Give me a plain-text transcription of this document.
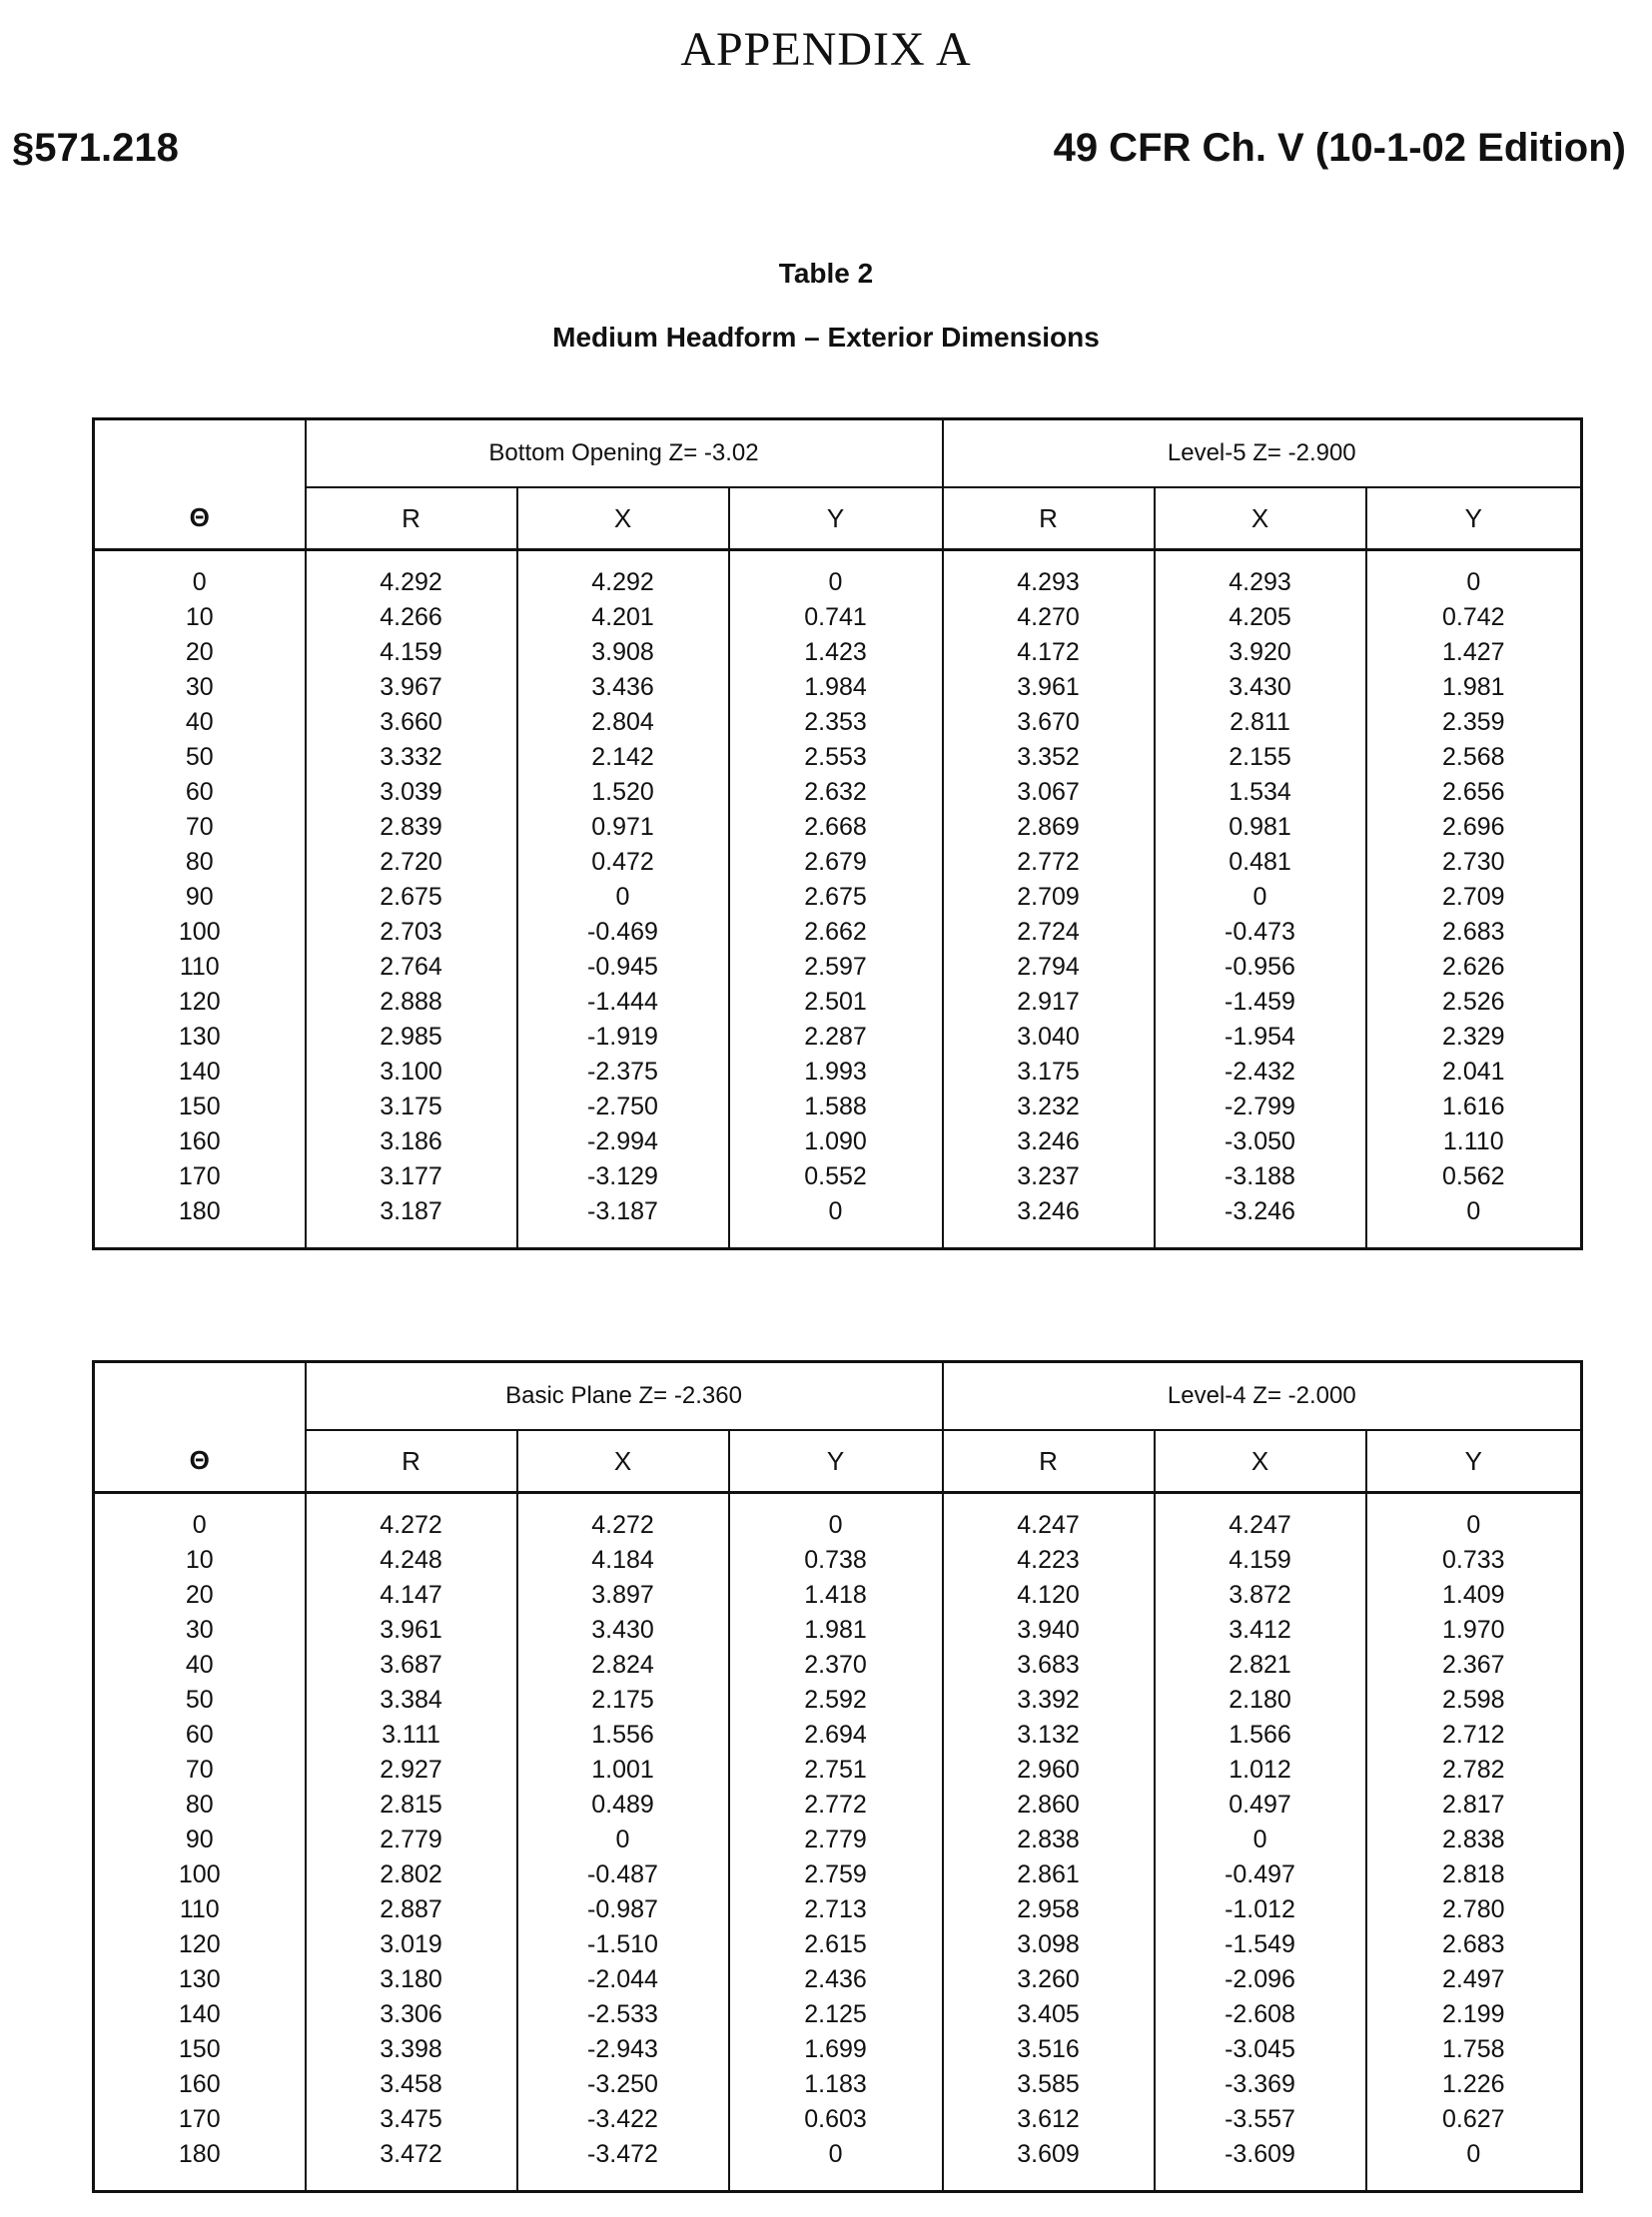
APPENDIX A
§571.218	49 CFR Ch. V (10-1-02 Edition)
Table 2
Medium Headform – Exterior Dimensions
	Bottom Opening Z= -3.02	Level-5 Z= -2.900
Θ	R	X	Y	R	X	Y
0	4.292	4.292	0	4.293	4.293	0
10	4.266	4.201	0.741	4.270	4.205	0.742
20	4.159	3.908	1.423	4.172	3.920	1.427
30	3.967	3.436	1.984	3.961	3.430	1.981
40	3.660	2.804	2.353	3.670	2.811	2.359
50	3.332	2.142	2.553	3.352	2.155	2.568
60	3.039	1.520	2.632	3.067	1.534	2.656
70	2.839	0.971	2.668	2.869	0.981	2.696
80	2.720	0.472	2.679	2.772	0.481	2.730
90	2.675	0	2.675	2.709	0	2.709
100	2.703	-0.469	2.662	2.724	-0.473	2.683
110	2.764	-0.945	2.597	2.794	-0.956	2.626
120	2.888	-1.444	2.501	2.917	-1.459	2.526
130	2.985	-1.919	2.287	3.040	-1.954	2.329
140	3.100	-2.375	1.993	3.175	-2.432	2.041
150	3.175	-2.750	1.588	3.232	-2.799	1.616
160	3.186	-2.994	1.090	3.246	-3.050	1.110
170	3.177	-3.129	0.552	3.237	-3.188	0.562
180	3.187	-3.187	0	3.246	-3.246	0
	Basic Plane Z= -2.360	Level-4 Z= -2.000
Θ	R	X	Y	R	X	Y
0	4.272	4.272	0	4.247	4.247	0
10	4.248	4.184	0.738	4.223	4.159	0.733
20	4.147	3.897	1.418	4.120	3.872	1.409
30	3.961	3.430	1.981	3.940	3.412	1.970
40	3.687	2.824	2.370	3.683	2.821	2.367
50	3.384	2.175	2.592	3.392	2.180	2.598
60	3.111	1.556	2.694	3.132	1.566	2.712
70	2.927	1.001	2.751	2.960	1.012	2.782
80	2.815	0.489	2.772	2.860	0.497	2.817
90	2.779	0	2.779	2.838	0	2.838
100	2.802	-0.487	2.759	2.861	-0.497	2.818
110	2.887	-0.987	2.713	2.958	-1.012	2.780
120	3.019	-1.510	2.615	3.098	-1.549	2.683
130	3.180	-2.044	2.436	3.260	-2.096	2.497
140	3.306	-2.533	2.125	3.405	-2.608	2.199
150	3.398	-2.943	1.699	3.516	-3.045	1.758
160	3.458	-3.250	1.183	3.585	-3.369	1.226
170	3.475	-3.422	0.603	3.612	-3.557	0.627
180	3.472	-3.472	0	3.609	-3.609	0
